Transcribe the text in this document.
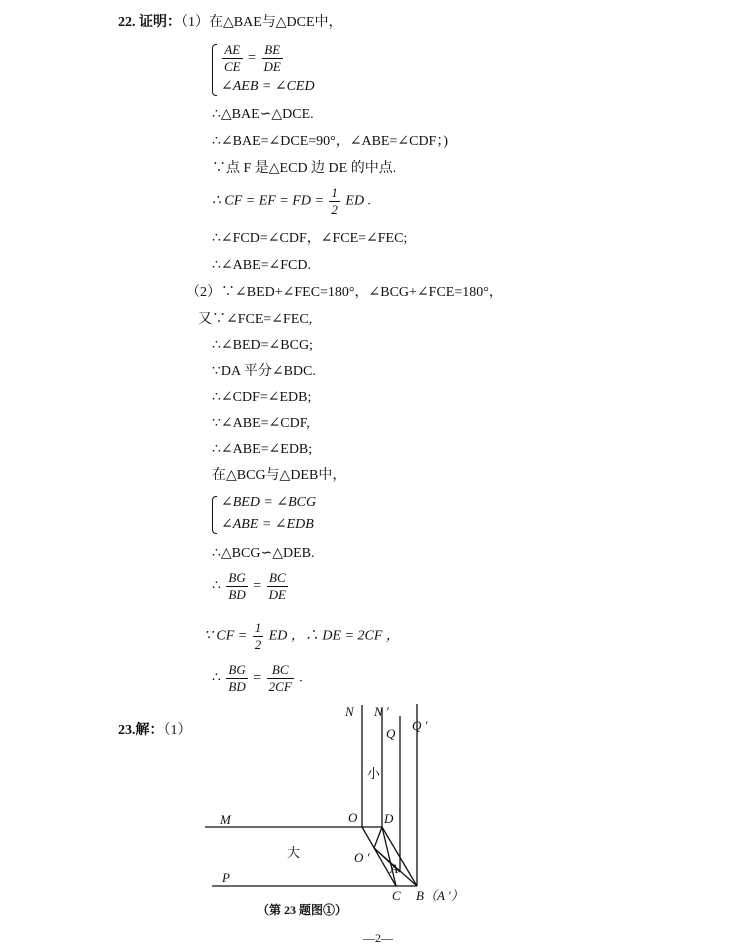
22. 证明：（1）在△BAE与△DCE中，
$\frac{AE}{CE} = \frac{BE}{DE}$
∠AEB = ∠CED
∴△BAE∽△DCE.
∴∠BAE=∠DCE=90°，∠ABE=∠CDF；)
∵点 F 是△ECD 边 DE 的中点.
∴ CF = EF = FD = $\frac{1}{2}$ ED .
∴∠FCD=∠CDF，∠FCE=∠FEC;
∴∠ABE=∠FCD.
（2）∵∠BED+∠FEC=180°，∠BCG+∠FCE=180°，
又∵∠FCE=∠FEC,
∴∠BED=∠BCG;
∵DA 平分∠BDC.
∴∠CDF=∠EDB;
∵∠ABE=∠CDF,
∴∠ABE=∠EDB;
在△BCG与△DEB中，
∠BED = ∠BCG
∠ABE = ∠EDB
∴△BCG∽△DEB.
∴ $\frac{BG}{BD} = \frac{BC}{DE}$
∵ CF = $\frac{1}{2}$ ED ，∴ DE = 2CF ，
∴ $\frac{BG}{BD} = \frac{BC}{2CF}$ .
23.解：（1）
N N ′
Q
Q ′
M	O D
O ′
A
P
C B（A ′）
小
大
（第 23 题图①）
—2—
